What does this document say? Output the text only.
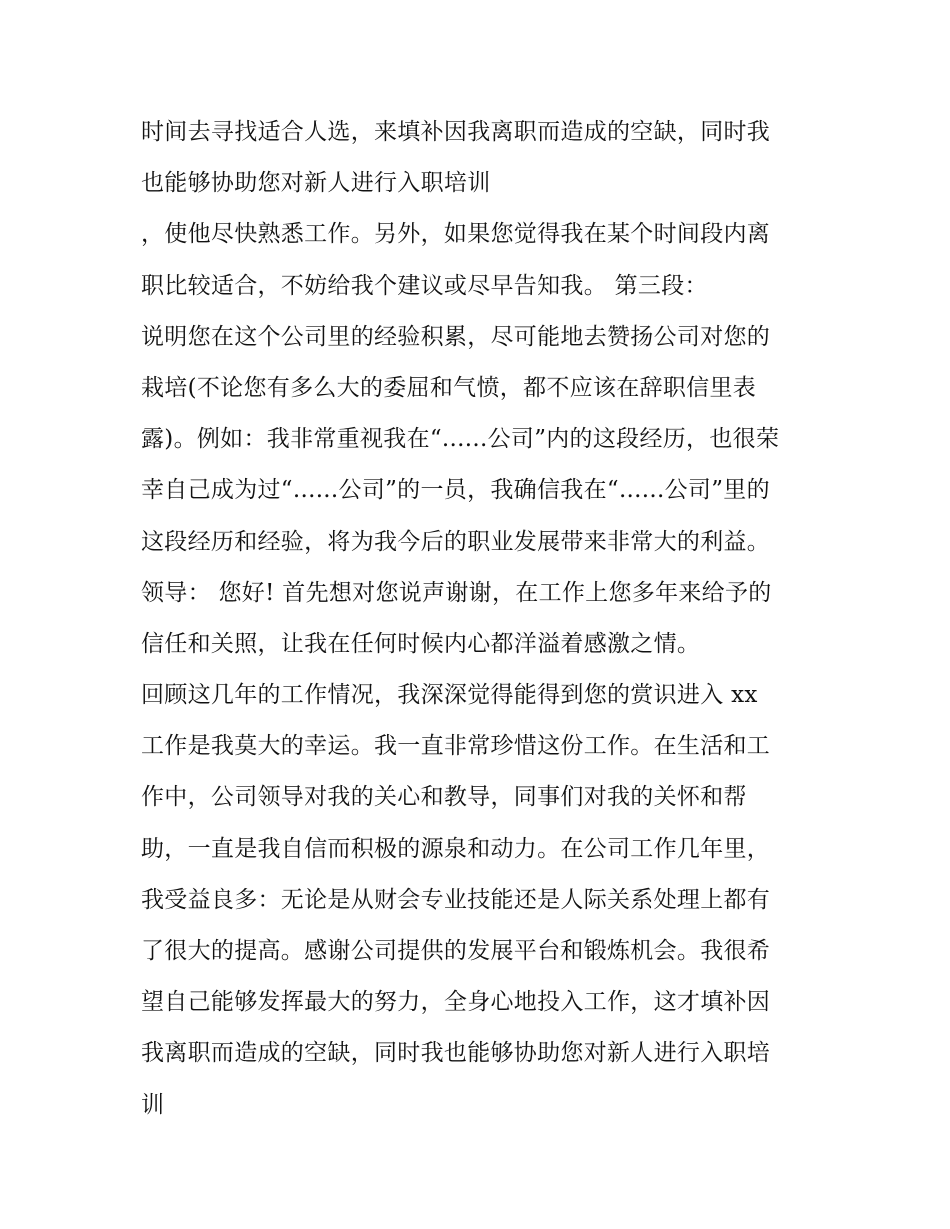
时间去寻找适合人选，来填补因我离职而造成的空缺，同时我
也能够协助您对新人进行入职培训
，使他尽快熟悉工作。另外，如果您觉得我在某个时间段内离
职比较适合，不妨给我个建议或尽早告知我。 第三段：
说明您在这个公司里的经验积累，尽可能地去赞扬公司对您的
栽培(不论您有多么大的委屈和气愤，都不应该在辞职信里表
露)。例如：我非常重视我在“......公司”内的这段经历，也很荣
幸自己成为过“......公司”的一员，我确信我在“......公司”里的
这段经历和经验，将为我今后的职业发展带来非常大的利益。
领导： 您好! 首先想对您说声谢谢，在工作上您多年来给予的
信任和关照，让我在任何时候内心都洋溢着感激之情。
回顾这几年的工作情况，我深深觉得能得到您的赏识进入 xx
工作是我莫大的幸运。我一直非常珍惜这份工作。在生活和工
作中，公司领导对我的关心和教导，同事们对我的关怀和帮
助，一直是我自信而积极的源泉和动力。在公司工作几年里，
我受益良多：无论是从财会专业技能还是人际关系处理上都有
了很大的提高。感谢公司提供的发展平台和锻炼机会。我很希
望自己能够发挥最大的努力，全身心地投入工作，这才填补因
我离职而造成的空缺，同时我也能够协助您对新人进行入职培
训
